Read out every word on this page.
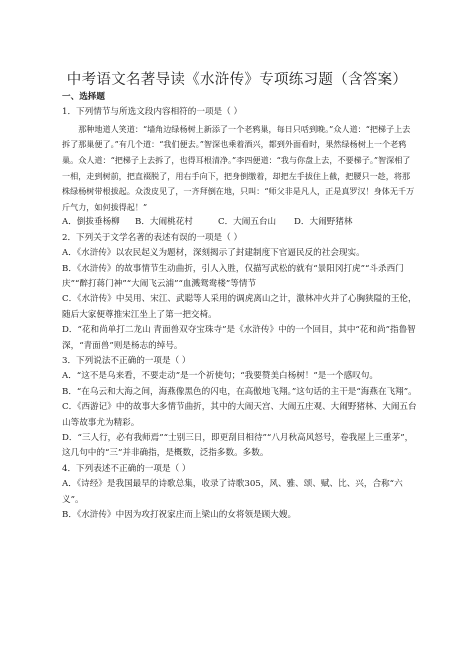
中考语文名著导读《水浒传》专项练习题（含答案）
一、选择题
1．下列情节与所选文段内容相符的一项是（ ）
那种地道人笑道：“墙角边绿杨树上新添了一个老鸦巢，每日只咶到晚。”众人道：“把梯子上去拆了那巢便了。”有几个道：“我们便去。”智深也乘着酒兴，都到外面看时，果然绿杨树上一个老鸦巢。众人道：“把梯子上去拆了，也得耳根清净。”李四便道：“我与你盘上去，不要梯子。”智深相了一相，走到树前，把直裰脱了，用右手向下，把身倒缴着，却把左手拔住上截，把腰只一趁，将那株绿杨树带根拔起。众泼皮见了，一齐拜倒在地，只叫：“师父非是凡人，正是真罗汉！身体无千万斤气力，如何拔得起！”
A．倒拔垂杨柳	B．大闹桃花村	C．大闹五台山	D．大闹野猪林
2．下列关于文学名著的表述有误的一项是（ ）
A．《水浒传》以农民起义为题材，深刻揭示了封建制度下官逼民反的社会现实。
B．《水浒传》的故事情节生动曲折，引人入胜，仅描写武松的就有“景阳冈打虎”“斗杀西门庆”“醉打蒋门神”“大闹飞云浦”“血溅鸳鸯楼”等情节
C．《水浒传》中吴用、宋江、武聪等人采用的调虎离山之计，激林冲火并了心胸狭隘的王伦，随后大家便尊推宋江坐上了第一把交椅。
D．“花和尚单打二龙山 青面兽双夺宝珠寺”是《水浒传》中的一个回目，其中“花和尚”指鲁智深，“青面兽”则是杨志的绰号。
3．下列说法不正确的一项是（ ）
A．“这不是乌来看，不要走动”是一个祈使句；“我要赞美白杨树！”是一个感叹句。
B．“在乌云和大海之间，海燕像黑色的闪电，在高傲地飞翔。”这句话的主干是“海燕在飞翔”。
C．《西游记》中的故事大多情节曲折，其中的大闹天宫、大闹五庄观、大闹野猪林、大闹五台山等故事尤为精彩。
D．“三人行，必有我师焉”“士别三日，即更刮目相待”“八月秋高风怒号，卷我屋上三重茅”，这几句中的“三”并非确指，是概数，泛指多数。多数。
4．下列表述不正确的一项是（ ）
A．《诗经》是我国最早的诗歌总集，收录了诗歌305，风、雅、颂、赋、比、兴，合称“六义”。
B．《水浒传》中因为攻打祝家庄而上梁山的女将领是顾大嫂。
